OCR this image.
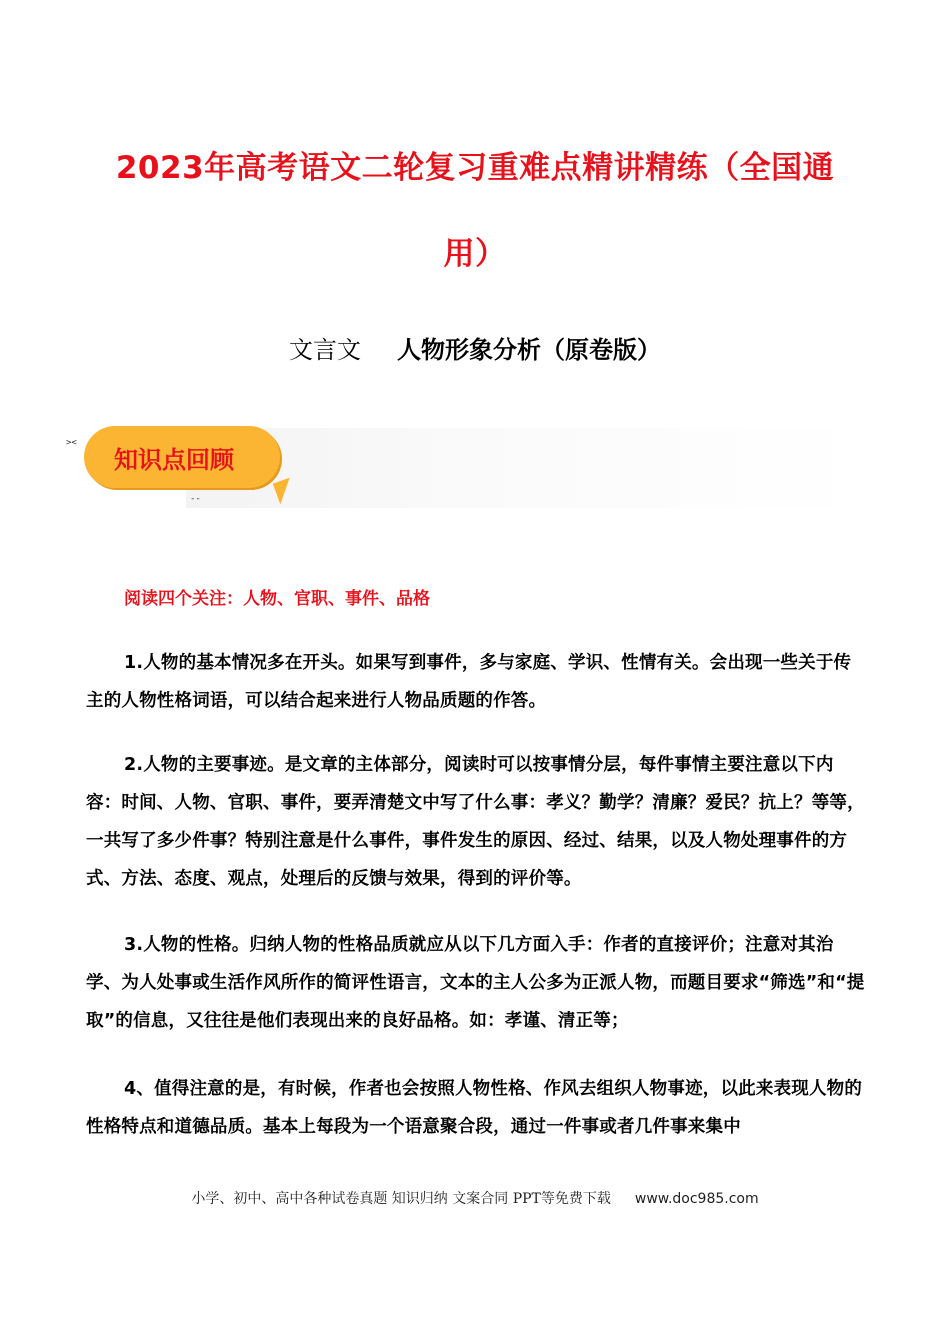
2023年高考语文二轮复习重难点精讲精练（全国通
用）
文言文 人物形象分析（原卷版）
><
知识点回顾
--
阅读四个关注：人物、官职、事件、品格
1.人物的基本情况多在开头。如果写到事件，多与家庭、学识、性情有关。会出现一些关于传主的人物性格词语，可以结合起来进行人物品质题的作答。
2.人物的主要事迹。是文章的主体部分，阅读时可以按事情分层，每件事情主要注意以下内容：时间、人物、官职、事件，要弄清楚文中写了什么事：孝义？勤学？清廉？爱民？抗上？等等，一共写了多少件事？特别注意是什么事件，事件发生的原因、经过、结果，以及人物处理事件的方式、方法、态度、观点，处理后的反馈与效果，得到的评价等。
3.人物的性格。归纳人物的性格品质就应从以下几方面入手：作者的直接评价；注意对其治学、为人处事或生活作风所作的简评性语言，文本的主人公多为正派人物，而题目要求“筛选”和“提取”的信息，又往往是他们表现出来的良好品格。如：孝谨、清正等；
4、值得注意的是，有时候，作者也会按照人物性格、作风去组织人物事迹，以此来表现人物的性格特点和道德品质。基本上每段为一个语意聚合段，通过一件事或者几件事来集中
小学、初中、高中各种试卷真题 知识归纳 文案合同 PPT等免费下载 www.doc985.com
